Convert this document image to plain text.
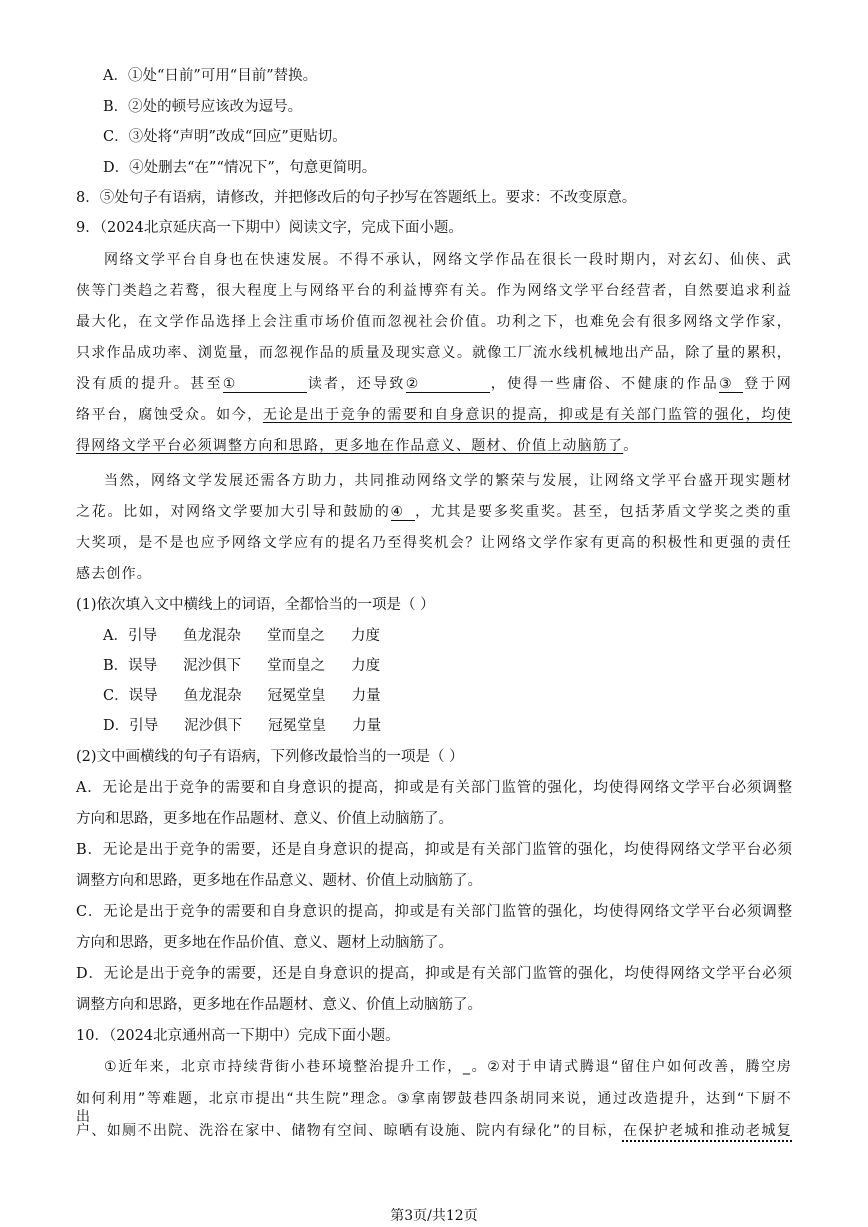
A．①处“日前”可用“目前”替换。
B．②处的顿号应该改为逗号。
C．③处将“声明”改成“回应”更贴切。
D．④处删去“在”“情况下”，句意更简明。
8．⑤处句子有语病，请修改，并把修改后的句子抄写在答题纸上。要求：不改变原意。
9．（2024北京延庆高一下期中）阅读文字，完成下面小题。
网络文学平台自身也在快速发展。不得不承认，网络文学作品在很长一段时期内，对玄幻、仙侠、武
侠等门类趋之若鹜，很大程度上与网络平台的利益博弈有关。作为网络文学平台经营者，自然要追求利益
最大化，在文学作品选择上会注重市场价值而忽视社会价值。功利之下，也难免会有很多网络文学作家，
只求作品成功率、浏览量，而忽视作品的质量及现实意义。就像工厂流水线机械地出产品，除了量的累积，
没有质的提升。甚至①	读者，还导致②	，使得一些庸俗、不健康的作品③ 登于网
络平台，腐蚀受众。如今，无论是出于竞争的需要和自身意识的提高，抑或是有关部门监管的强化，均使
得网络文学平台必须调整方向和思路，更多地在作品意义、题材、价值上动脑筋了。
当然，网络文学发展还需各方助力，共同推动网络文学的繁荣与发展，让网络文学平台盛开现实题材
之花。比如，对网络文学要加大引导和鼓励的④ ，尤其是要多奖重奖。甚至，包括茅盾文学奖之类的重
大奖项，是不是也应予网络文学应有的提名乃至得奖机会？让网络文学作家有更高的积极性和更强的责任
感去创作。
(1)依次填入文中横线上的词语，全都恰当的一项是（ ）
A．引导 鱼龙混杂 堂而皇之 力度
B．误导 泥沙俱下 堂而皇之 力度
C．误导 鱼龙混杂 冠冕堂皇 力量
D．引导 泥沙俱下 冠冕堂皇 力量
(2)文中画横线的句子有语病，下列修改最恰当的一项是（ ）
A．无论是出于竞争的需要和自身意识的提高，抑或是有关部门监管的强化，均使得网络文学平台必须调整
方向和思路，更多地在作品题材、意义、价值上动脑筋了。
B．无论是出于竞争的需要，还是自身意识的提高，抑或是有关部门监管的强化，均使得网络文学平台必须
调整方向和思路，更多地在作品意义、题材、价值上动脑筋了。
C．无论是出于竞争的需要和自身意识的提高，抑或是有关部门监管的强化，均使得网络文学平台必须调整
方向和思路，更多地在作品价值、意义、题材上动脑筋了。
D．无论是出于竞争的需要，还是自身意识的提高，抑或是有关部门监管的强化，均使得网络文学平台必须
调整方向和思路，更多地在作品题材、意义、价值上动脑筋了。
10．（2024北京通州高一下期中）完成下面小题。
①近年来，北京市持续背街小巷环境整治提升工作，_。②对于申请式腾退“留住户如何改善，腾空房
如何利用”等难题，北京市提出“共生院”理念。③拿南锣鼓巷四条胡同来说，通过改造提升，达到“下厨不出
户、如厕不出院、洗浴在家中、储物有空间、晾晒有设施、院内有绿化”的目标，在保护老城和推动老城复
第3页/共12页
